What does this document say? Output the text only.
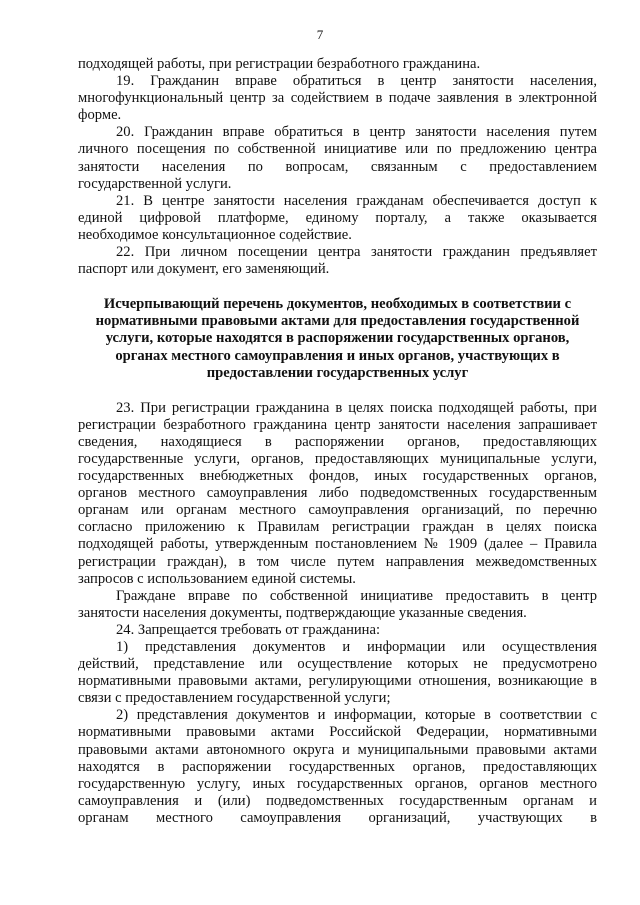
7
подходящей работы, при регистрации безработного гражданина.
19. Гражданин вправе обратиться в центр занятости населения,
многофункциональный центр за содействием в подаче заявления в электронной
форме.
20. Гражданин вправе обратиться в центр занятости населения путем
личного посещения по собственной инициативе или по предложению центра
занятости населения по вопросам, связанным с предоставлением
государственной услуги.
21. В центре занятости населения гражданам обеспечивается доступ к
единой цифровой платформе, единому порталу, а также оказывается
необходимое консультационное содействие.
22. При личном посещении центра занятости гражданин предъявляет
паспорт или документ, его заменяющий.
Исчерпывающий перечень документов, необходимых в соответствии с
нормативными правовыми актами для предоставления государственной
услуги, которые находятся в распоряжении государственных органов,
органах местного самоуправления и иных органов, участвующих в
предоставлении государственных услуг
23. При регистрации гражданина в целях поиска подходящей работы, при
регистрации безработного гражданина центр занятости населения запрашивает
сведения, находящиеся в распоряжении органов, предоставляющих
государственные услуги, органов, предоставляющих муниципальные услуги,
государственных внебюджетных фондов, иных государственных органов,
органов местного самоуправления либо подведомственных государственным
органам или органам местного самоуправления организаций, по перечню
согласно приложению к Правилам регистрации граждан в целях поиска
подходящей работы, утвержденным постановлением № 1909 (далее – Правила
регистрации граждан), в том числе путем направления межведомственных
запросов с использованием единой системы.
Граждане вправе по собственной инициативе предоставить в центр
занятости населения документы, подтверждающие указанные сведения.
24. Запрещается требовать от гражданина:
1) представления документов и информации или осуществления
действий, представление или осуществление которых не предусмотрено
нормативными правовыми актами, регулирующими отношения, возникающие в
связи с предоставлением государственной услуги;
2) представления документов и информации, которые в соответствии с
нормативными правовыми актами Российской Федерации, нормативными
правовыми актами автономного округа и муниципальными правовыми актами
находятся в распоряжении государственных органов, предоставляющих
государственную услугу, иных государственных органов, органов местного
самоуправления и (или) подведомственных государственным органам и
органам местного самоуправления организаций, участвующих в
